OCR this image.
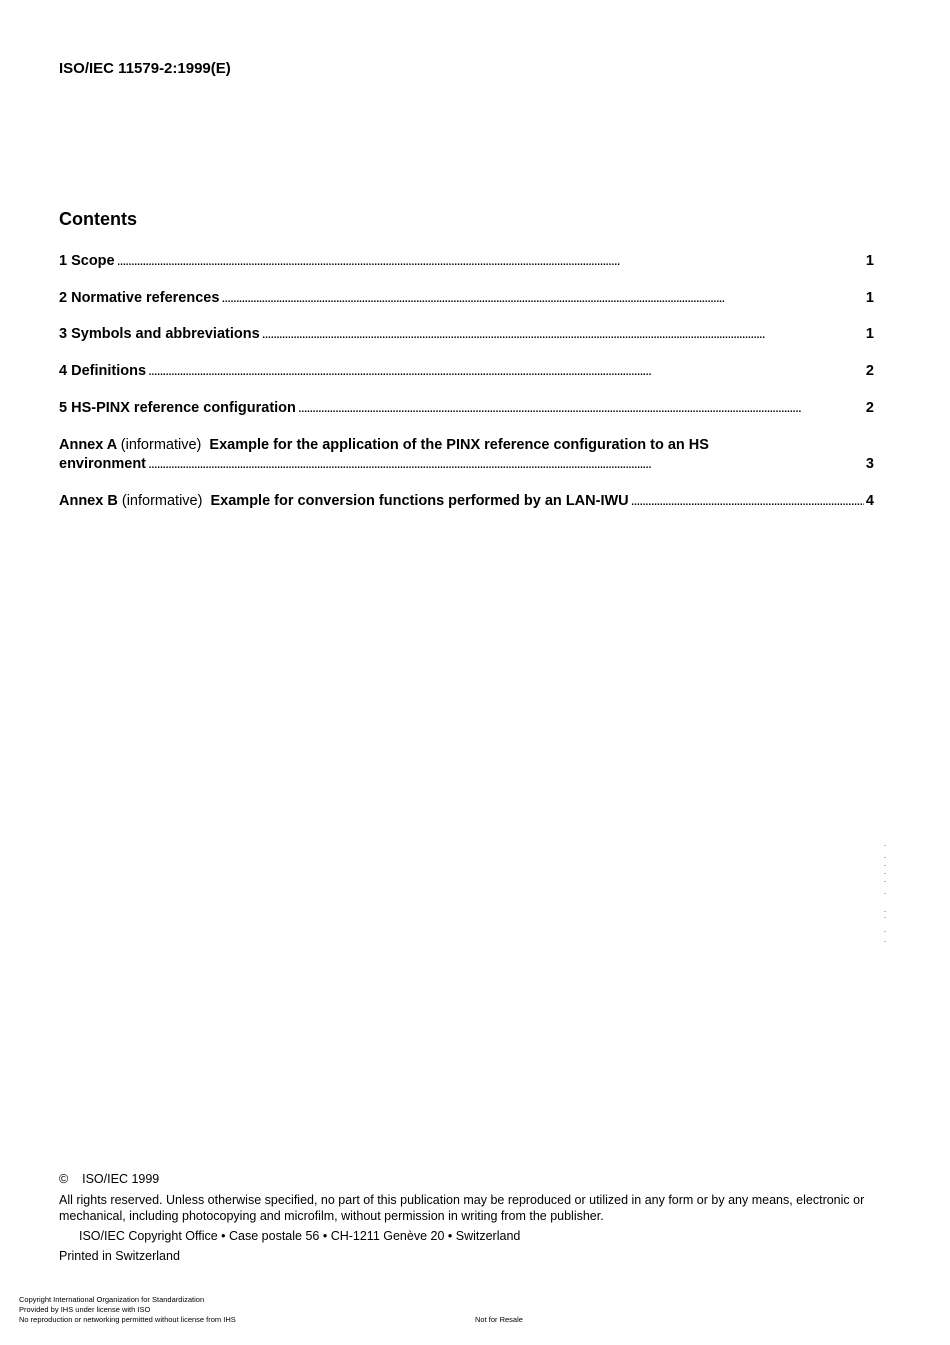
ISO/IEC 11579-2:1999(E)
Contents
1 Scope . . .	1
2 Normative references . . .	1
3 Symbols and abbreviations . . .	1
4 Definitions . . .	2
5 HS-PINX reference configuration . . .	2
Annex A (informative) Example for the application of the PINX reference configuration to an HS
environment . . .	3
Annex B
(informative)
Example for conversion functions performed by an LAN-IWU . . .	4
© ISO/IEC 1999
All rights reserved. Unless otherwise specified, no part of this publication may be reproduced or utilized in any form or by any means, electronic or mechanical, including photocopying and microfilm, without permission in writing from the publisher.
ISO/IEC Copyright Office • Case postale 56 • CH-1211 Genève 20 • Switzerland
Printed in Switzerland
Copyright International Organization for Standardization
Provided by IHS under license with ISO
No reproduction or networking permitted without license from IHS	Not for Resale
